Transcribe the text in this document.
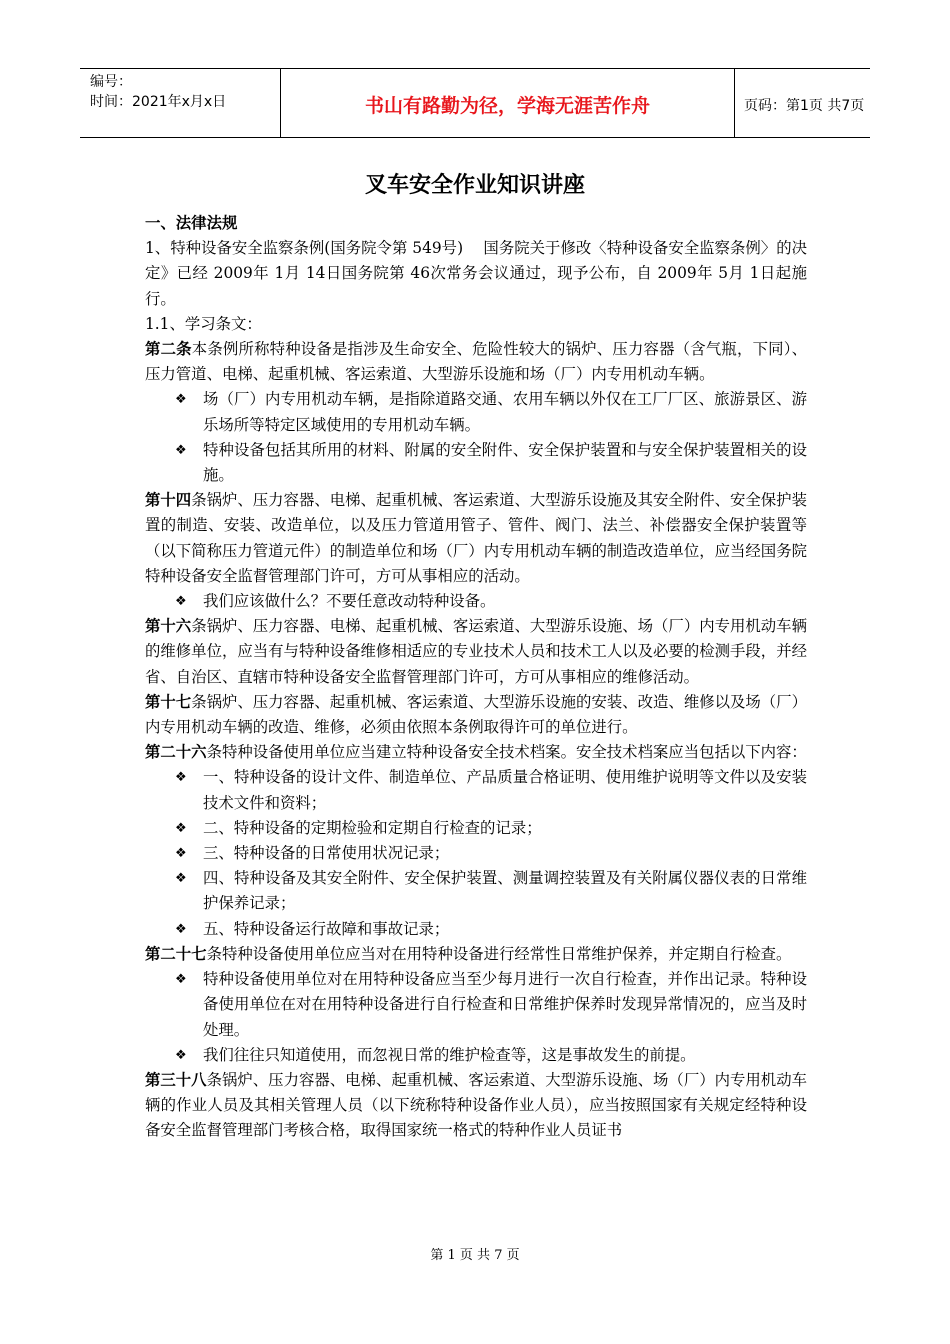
编号：
时间：2021年x月x日	书山有路勤为径，学海无涯苦作舟	页码：第1页 共7页
叉车安全作业知识讲座

一、法律法规

1、特种设备安全监察条例(国务院令第 549号)　 国务院关于修改〈特种设备安全监察条例〉的决定》已经 2009年 1月 14日国务院第 46次常务会议通过，现予公布，自 2009年 5月 1日起施行。

1.1、学习条文：

第二条本条例所称特种设备是指涉及生命安全、危险性较大的锅炉、压力容器（含气瓶，下同）、压力管道、电梯、起重机械、客运索道、大型游乐设施和场（厂）内专用机动车辆。

❖	场（厂）内专用机动车辆，是指除道路交通、农用车辆以外仅在工厂厂区、旅游景区、游乐场所等特定区域使用的专用机动车辆。

❖	特种设备包括其所用的材料、附属的安全附件、安全保护装置和与安全保护装置相关的设施。

第十四条锅炉、压力容器、电梯、起重机械、客运索道、大型游乐设施及其安全附件、安全保护装置的制造、安装、改造单位，以及压力管道用管子、管件、阀门、法兰、补偿器安全保护装置等（以下简称压力管道元件）的制造单位和场（厂）内专用机动车辆的制造改造单位，应当经国务院特种设备安全监督管理部门许可，方可从事相应的活动。

❖	我们应该做什么？不要任意改动特种设备。

第十六条锅炉、压力容器、电梯、起重机械、客运索道、大型游乐设施、场（厂）内专用机动车辆的维修单位，应当有与特种设备维修相适应的专业技术人员和技术工人以及必要的检测手段，并经省、自治区、直辖市特种设备安全监督管理部门许可，方可从事相应的维修活动。

第十七条锅炉、压力容器、起重机械、客运索道、大型游乐设施的安装、改造、维修以及场（厂）内专用机动车辆的改造、维修，必须由依照本条例取得许可的单位进行。

第二十六条特种设备使用单位应当建立特种设备安全技术档案。安全技术档案应当包括以下内容：

❖	一、特种设备的设计文件、制造单位、产品质量合格证明、使用维护说明等文件以及安装技术文件和资料；

❖	二、特种设备的定期检验和定期自行检查的记录；

❖	三、特种设备的日常使用状况记录；

❖	四、特种设备及其安全附件、安全保护装置、测量调控装置及有关附属仪器仪表的日常维护保养记录；

❖	五、特种设备运行故障和事故记录；

第二十七条特种设备使用单位应当对在用特种设备进行经常性日常维护保养，并定期自行检查。

❖	特种设备使用单位对在用特种设备应当至少每月进行一次自行检查，并作出记录。特种设备使用单位在对在用特种设备进行自行检查和日常维护保养时发现异常情况的，应当及时处理。

❖	我们往往只知道使用，而忽视日常的维护检查等，这是事故发生的前提。

第三十八条锅炉、压力容器、电梯、起重机械、客运索道、大型游乐设施、场（厂）内专用机动车辆的作业人员及其相关管理人员（以下统称特种设备作业人员），应当按照国家有关规定经特种设备安全监督管理部门考核合格，取得国家统一格式的特种作业人员证书

第 1 页 共 7 页
